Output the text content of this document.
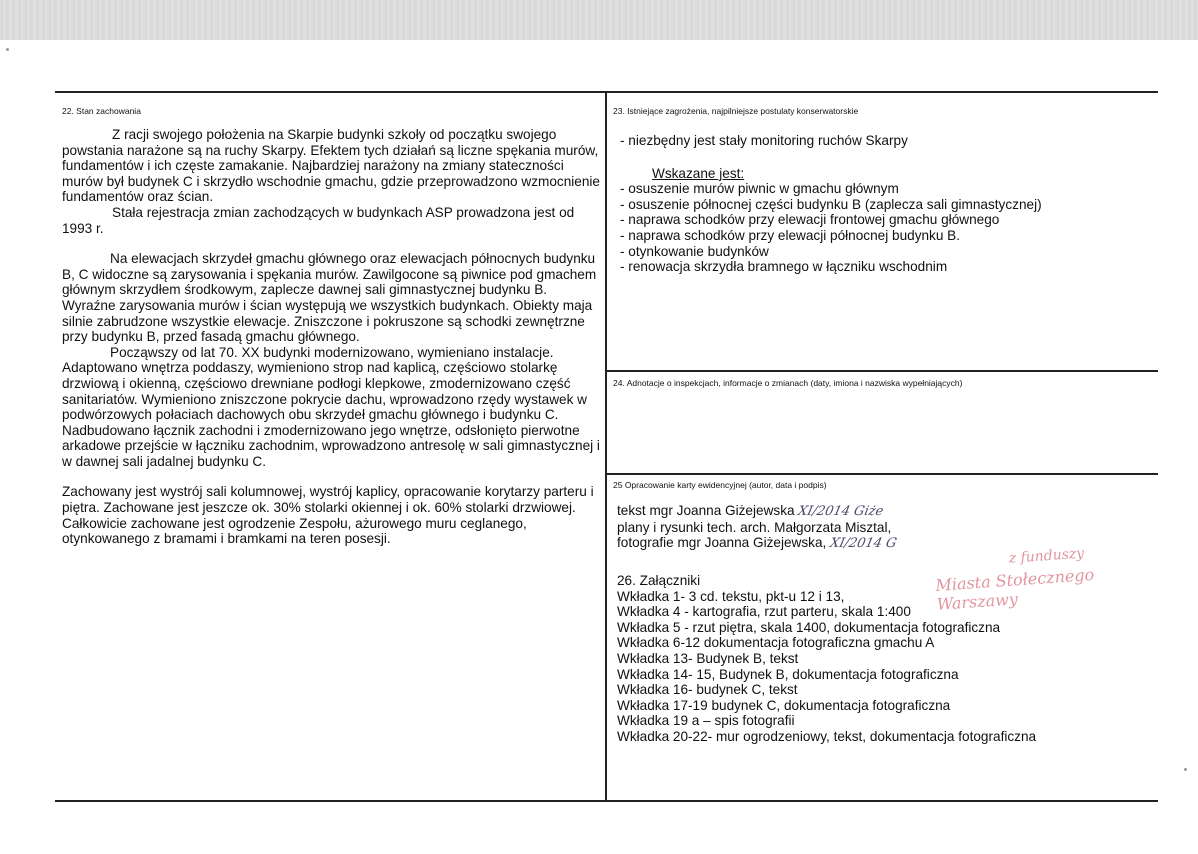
22. Stan zachowania

Z racji swojego położenia na Skarpie budynki szkoły od początku swojego powstania narażone są na ruchy Skarpy. Efektem tych działań są liczne spękania murów, fundamentów i ich częste zamakanie. Najbardziej narażony na zmiany stateczności murów był budynek C i skrzydło wschodnie gmachu, gdzie przeprowadzono wzmocnienie fundamentów oraz ścian.

Stała rejestracja zmian zachodzących w budynkach ASP prowadzona jest od 1993 r.

Na elewacjach skrzydeł gmachu głównego oraz elewacjach północnych budynku B, C widoczne są zarysowania i spękania murów. Zawilgocone są piwnice pod gmachem głównym skrzydłem środkowym, zaplecze dawnej sali gimnastycznej budynku B. Wyraźne zarysowania murów i ścian występują we wszystkich budynkach. Obiekty maja silnie zabrudzone wszystkie elewacje. Zniszczone i pokruszone są schodki zewnętrzne przy budynku B, przed fasadą gmachu głównego.

Począwszy od lat 70. XX budynki modernizowano, wymieniano instalacje. Adaptowano wnętrza poddaszy, wymieniono strop nad kaplicą, częściowo stolarkę drzwiową i okienną, częściowo drewniane podłogi klepkowe, zmodernizowano część sanitariatów. Wymieniono zniszczone pokrycie dachu, wprowadzono rzędy wystawek w podwórzowych połaciach dachowych obu skrzydeł gmachu głównego i budynku C. Nadbudowano łącznik zachodni i zmodernizowano jego wnętrze, odsłonięto pierwotne arkadowe przejście w łączniku zachodnim, wprowadzono antresolę w sali gimnastycznej i w dawnej sali jadalnej budynku C.

Zachowany jest wystrój sali kolumnowej, wystrój kaplicy, opracowanie korytarzy parteru i piętra. Zachowane jest jeszcze ok. 30% stolarki okiennej i ok. 60% stolarki drzwiowej.

Całkowicie zachowane jest ogrodzenie Zespołu, ażurowego muru ceglanego, otynkowanego z bramami i bramkami na teren posesji.

23. Istniejące zagrożenia, najpilniejsze postulaty konserwatorskie
- niezbędny jest stały monitoring ruchów Skarpy
Wskazane jest:
- osuszenie murów piwnic w gmachu głównym
- osuszenie północnej części budynku B (zaplecza sali gimnastycznej)
- naprawa schodków przy elewacji frontowej gmachu głównego
- naprawa schodków przy elewacji północnej budynku B.
- otynkowanie budynków
- renowacja skrzydła bramnego w łączniku wschodnim
24. Adnotacje o inspekcjach, informacje o zmianach (daty, imiona i nazwiska wypełniających)
25 Opracowanie karty ewidencyjnej (autor, data i podpis)
tekst mgr Joanna Giżejewska XI/2014 Giże
plany i rysunki tech. arch. Małgorzata Misztal,
fotografie mgr Joanna Giżejewska, XI/2014 G
z funduszy
Miasta Stołecznego Warszawy
26. Załączniki
Wkładka 1- 3 cd. tekstu, pkt-u 12 i 13,
Wkładka 4 - kartografia, rzut parteru, skala 1:400
Wkładka 5 - rzut piętra, skala 1400, dokumentacja fotograficzna
Wkładka 6-12 dokumentacja fotograficzna gmachu A
Wkładka 13- Budynek B, tekst
Wkładka 14- 15, Budynek B, dokumentacja fotograficzna
Wkładka 16- budynek C, tekst
Wkładka 17-19 budynek C, dokumentacja fotograficzna
Wkładka 19 a – spis fotografii
Wkładka 20-22- mur ogrodzeniowy, tekst, dokumentacja fotograficzna
